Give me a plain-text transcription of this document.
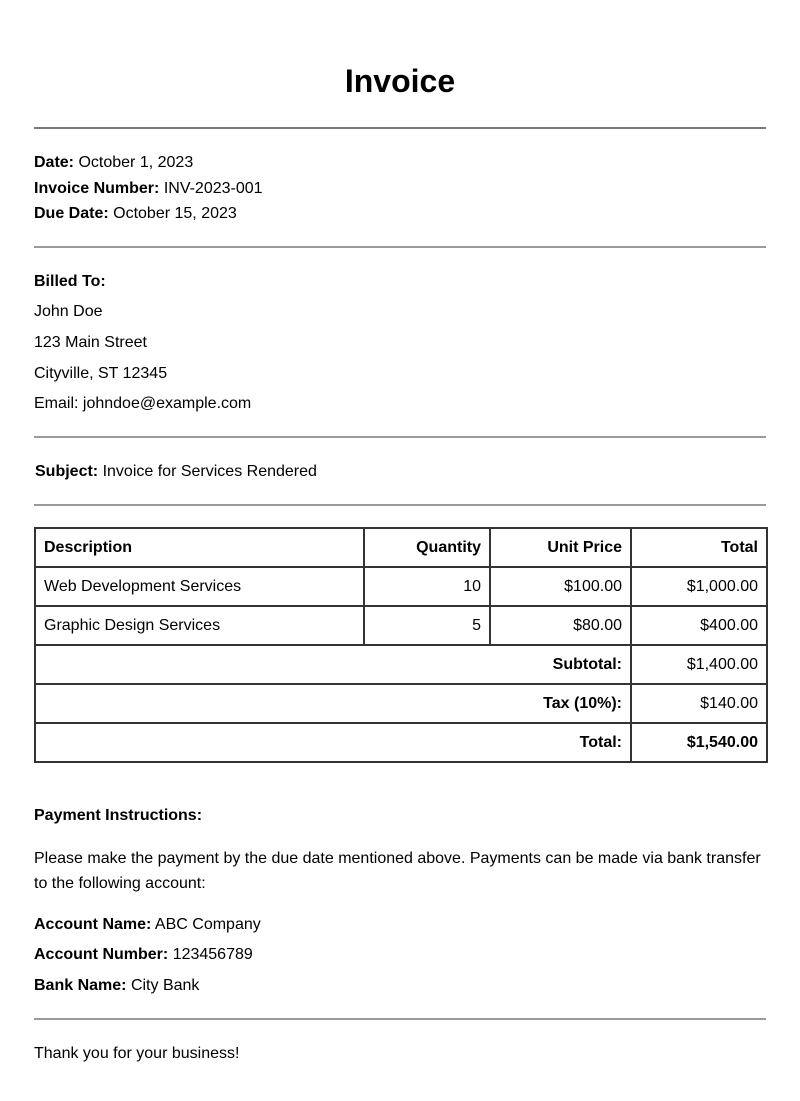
Invoice
Date: October 1, 2023
Invoice Number: INV-2023-001
Due Date: October 15, 2023
Billed To:
John Doe
123 Main Street
Cityville, ST 12345
Email: johndoe@example.com
Subject: Invoice for Services Rendered
Description	Quantity	Unit Price	Total
Web Development Services	10	$100.00	$1,000.00
Graphic Design Services	5	$80.00	$400.00
Subtotal:			$1,400.00
Tax (10%):			$140.00
Total:			$1,540.00
Payment Instructions:
Please make the payment by the due date mentioned above. Payments can be made via bank transfer to the following account:
Account Name: ABC Company
Account Number: 123456789
Bank Name: City Bank
Thank you for your business!
